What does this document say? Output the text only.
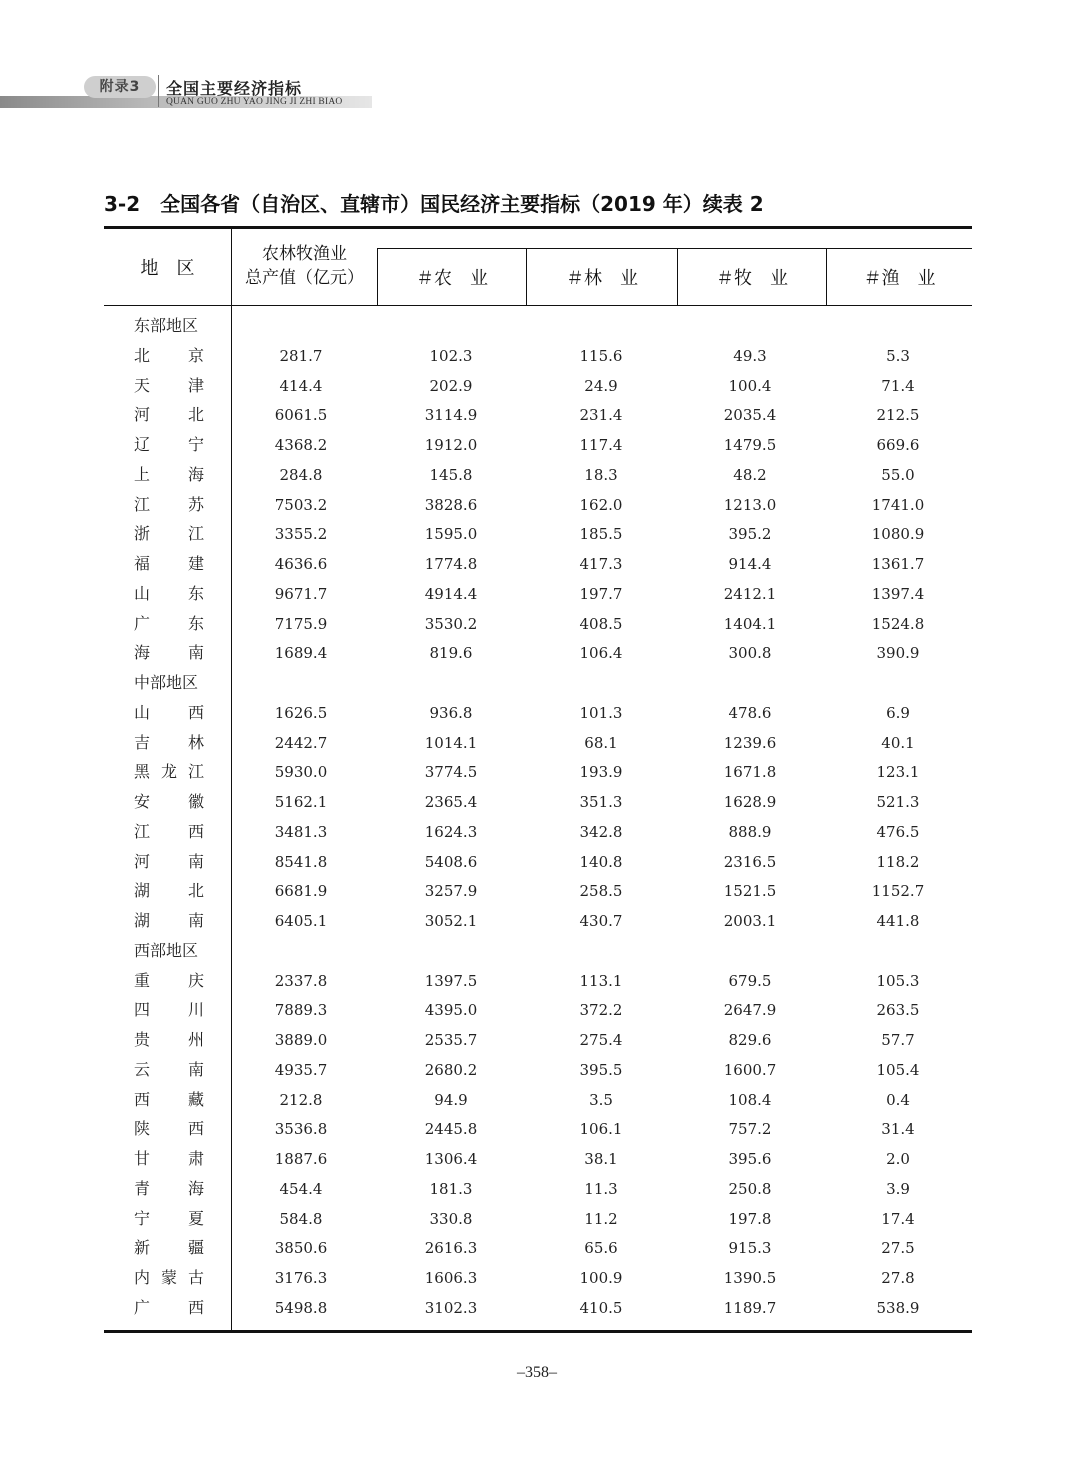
附录3	全国主要经济指标
QUAN GUO ZHU YAO JING JI ZHI BIAO
3-2　全国各省（自治区、直辖市）国民经济主要指标（2019 年）续表 2
地　区
农林牧渔业
总产值（亿元）	＃农　业	＃林　业	＃牧　业	＃渔　业
东部地区
北 京	281.7	102.3	115.6	49.3	5.3
天 津	414.4	202.9	24.9	100.4	71.4
河 北	6061.5	3114.9	231.4	2035.4	212.5
辽 宁	4368.2	1912.0	117.4	1479.5	669.6
上 海	284.8	145.8	18.3	48.2	55.0
江 苏	7503.2	3828.6	162.0	1213.0	1741.0
浙 江	3355.2	1595.0	185.5	395.2	1080.9
福 建	4636.6	1774.8	417.3	914.4	1361.7
山 东	9671.7	4914.4	197.7	2412.1	1397.4
广 东	7175.9	3530.2	408.5	1404.1	1524.8
海 南	1689.4	819.6	106.4	300.8	390.9
中部地区
山 西	1626.5	936.8	101.3	478.6	6.9
吉 林	2442.7	1014.1	68.1	1239.6	40.1
黑 龙 江	5930.0	3774.5	193.9	1671.8	123.1
安 徽	5162.1	2365.4	351.3	1628.9	521.3
江 西	3481.3	1624.3	342.8	888.9	476.5
河 南	8541.8	5408.6	140.8	2316.5	118.2
湖 北	6681.9	3257.9	258.5	1521.5	1152.7
湖 南	6405.1	3052.1	430.7	2003.1	441.8
西部地区
重 庆	2337.8	1397.5	113.1	679.5	105.3
四 川	7889.3	4395.0	372.2	2647.9	263.5
贵 州	3889.0	2535.7	275.4	829.6	57.7
云 南	4935.7	2680.2	395.5	1600.7	105.4
西 藏	212.8	94.9	3.5	108.4	0.4
陕 西	3536.8	2445.8	106.1	757.2	31.4
甘 肃	1887.6	1306.4	38.1	395.6	2.0
青 海	454.4	181.3	11.3	250.8	3.9
宁 夏	584.8	330.8	11.2	197.8	17.4
新 疆	3850.6	2616.3	65.6	915.3	27.5
内 蒙 古	3176.3	1606.3	100.9	1390.5	27.8
广 西	5498.8	3102.3	410.5	1189.7	538.9
–358–
